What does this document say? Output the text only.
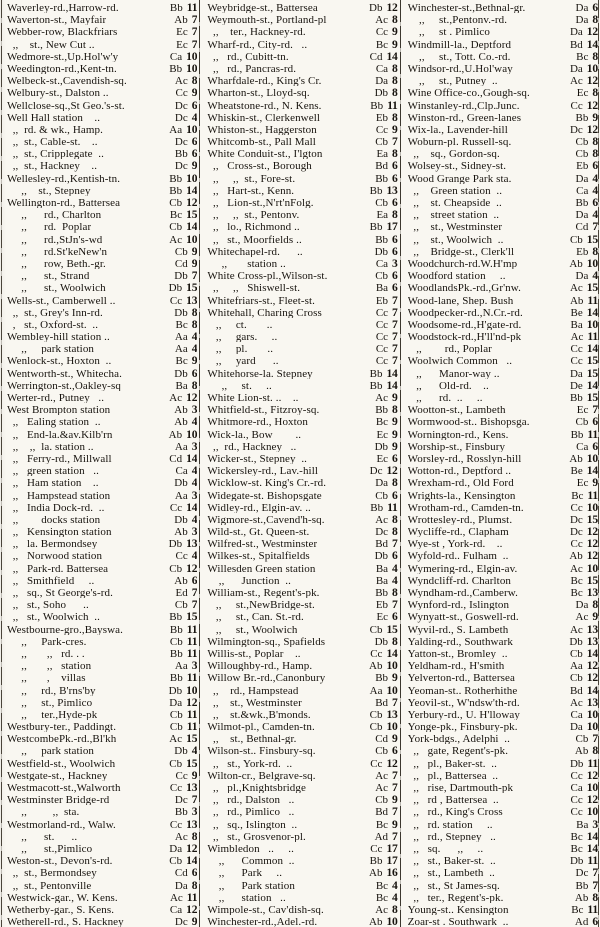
Waverley-rd.,Harrow-rd.	Bb 11
Waverton-st., Mayfair	Ab 7
Webber-row, Blackfriars	Ec 7
,,    st., New Cut ..	Ec 7
Wedmore-st.,Up.Hol'w'y	Ca 10
Weedington-rd.,Kent-tn.	Bb 10
Welbeck-st.,Cavendish-sq.	Ac 8
Welbury-st., Dalston ..	Cc 9
Wellclose-sq.,St Geo.'s-st.	Dc 6
Well Hall station    ..	Dc 4
,,  rd. & wk., Hamp.	Aa 10
,,  st., Cable-st.    ..	Dc 6
,,  st., Cripplegate  ..	Bb 6
,,  st., Hackney    ..	Dc 9
Wellesley-rd.,Kentish-tn.	Bb 10
,,    st., Stepney	Bb 14
Wellington-rd., Battersea	Cb 12
,,      rd., Charlton	Bc 15
,,      rd.  Poplar	Cb 14
,,      rd.,StJn's-wd	Ac 10
,,      rd.St'keNew'n	Cb 9
,,      row, Beth.-gr.	Cd 9
,,      st., Strand	Db 7
,,      st., Woolwich	Db 15
Wells-st., Camberwell ..	Cc 13
,,  st., Grey's Inn-rd.	Db 8
,   st., Oxford-st.  ..	Bc 8
Wembley-hill station ..	Aa 4
,,     park station	Aa 4
Wenlock-st., Hoxton  ..	Bc 9
Wentworth-st., Whitecha.	Db 6
Werrington-st.,Oakley-sq	Ba 8
Werter-rd., Putney   ..	Ac 12
West Brompton station	Ab 3
,,   Ealing station  ..	Ab 4
,,   End-la.&av.Kilb'rn	Ab 10
,,    ,,  la. station ..	Aa 3
,,   Ferry-rd., Millwall	Cd 14
,,   green station   ..	Ca 4
,,   Ham station    ..	Db 4
,,   Hampstead station	Aa 3
,,   India Dock-rd.  ..	Cc 14
,,        docks station	Db 4
,,   Kensington station	Ab 3
,,   la. Bermondsey	Db 13
,,   Norwood station	Cc 4
,,   Park-rd. Battersea	Cb 12
,,   Smithfield     ..	Ab 6
,,   sq., St George's-rd.	Ed 7
,,   st., Soho      ..	Cb 7
,,   st., Woolwich  ..	Bb 15
Westbourne-gro.,Bayswa.	Bb 11
,,     Park-cres.	Cb 11
,,       ,,   rd. . .	Bb 11
,,       ,,   station	Aa 3
,,       ,    villas	Bb 11
,,     rd., B'rns'by	Db 10
,,     st., Pimlico	Da 12
,,     ter.,Hyde-pk	Cb 11
Westbury-ter., Paddingt.	Cb 11
WestcombePk.-rd.,Bl'kh	Ac 15
,,     park station	Db 4
Westfield-st., Woolwich	Cb 15
Westgate-st., Hackney	Cc 9
Westmacott-st.,Walworth	Cc 13
Westminster Bridge-rd	Dc 7
,,         ,,  sta.	Bb 3
Westmorland-rd., Walw.	Cc 13
,,      st.      ..	Ac 8
,,      st.,Pimlico	Da 12
Weston-st., Devon's-rd.	Cb 14
,,  st., Bermondsey	Cd 6
,,  st., Pentonville	Da 8
Westwick-gar., W. Kens.	Ac 11
Wetherby-gar., S. Kens.	Ca 12
Wetherell-rd., S. Hackney	Dc 9
Weybridge-st., Battersea	Db 12
Weymouth-st., Portland-pl	Ac 8
,,    ter., Hackney-rd.	Cc 9
Wharf-rd., City-rd.   ..	Bc 9
,,   rd., Cubitt-tn.	Cd 14
,,   rd., Pancras-rd.	Ca 8
Wharfdale-rd., King's Cr.	Da 8
Wharton-st., Lloyd-sq.	Db 8
Wheatstone-rd., N. Kens.	Bb 11
Whiskin-st., Clerkenwell	Eb 8
Whiston-st., Haggerston	Cc 9
Whitcomb-st., Pall Mall	Cb 7
White Conduit-st., I'lgton	Ea 8
,,   Cross-st., Borough	Bd 6
,,     ,,  st., Fore-st.	Bb 6
,,   Hart-st., Kenn.	Bb 13
,,   Lion-st.,N'rt'nFolg.	Cb 6
,,     ,,  st., Pentonv.	Ea 8
,,   lo., Richmond ..	Bb 17
,,   st., Moorfields ..	Bb 6
Whitechapel-rd.      ..	Db 6
,,       station ..	Ca 3
White Cross-pl.,Wilson-st.	Cb 6
,,     ,,   Shiswell-st.	Ba 6
Whitefriars-st., Fleet-st.	Eb 7
Whitehall, Charing Cross	Cc 7
,,     ct.       ..	Cc 7
,,     gars.     ..	Cc 7
,,     pl.       ..	Cc 7
,,     yard      ..	Cc 7
Whitehorse-la. Stepney	Bb 14
,,     st.     ..	Bb 14
White Lion-st. ..    ..	Ac 9
Whitfield-st., Fitzroy-sq.	Bb 8
Whitmore-rd., Hoxton	Bc 9
Wick-la., Bow        ..	Ec 9
,,  rd., Hackney   ..	Db 9
Wicker-st., Stepney  ..	Ec 6
Wickersley-rd., Lav.-hill	Dc 12
Wicklow-st. King's Cr.-rd.	Da 8
Widegate-st. Bishopsgate	Cb 6
Widley-rd., Elgin-av. ..	Bb 11
Wigmore-st.,Cavend'h-sq.	Ac 8
Wild-st., Gt. Queen-st.	Dc 8
Wilfred-st., Westminster	Bd 7
Wilkes-st., Spitalfields	Db 6
Willesden Green station	Ba 4
,,      Junction  ..	Ba 4
William-st., Regent's-pk.	Bb 8
,,     st.,NewBridge-st.	Eb 7
,,     st., Can. St.-rd.	Ec 6
,,     st., Woolwich	Cb 15
Wilmington-sq., Spafields	Db 8
Willis-st., Poplar    ..	Cc 14
Willoughby-rd., Hamp.	Ab 10
Willow Br.-rd.,Canonbury	Bb 9
,,    rd., Hampstead	Aa 10
,,    st., Westminster	Bd 7
,,    st.&wk.,B'monds.	Cb 13
Wilmot-pl., Camden-tn.	Cb 10
,,    st., Bethnal-gr.	Cd 9
Wilson-st.. Finsbury-sq.	Cb 6
,,   st., York-rd.  ..	Cc 12
Wilton-cr., Belgrave-sq.	Ac 7
,,   pl.,Knightsbridge	Ac 7
,,   rd., Dalston   ..	Cb 9
,,   rd., Pimlico   ..	Bd 7
,,   sq., Islington  ..	Bc 9
,,   st., Grosvenor-pl.	Ad 7
Wimbledon   ..     ..	Cc 17
,,      Common  ..	Bb 17
,,      Park     ..	Ab 16
,,      Park station	Bc 4
,,      station   ..	Bc 4
Wimpole-st., Cav'dish-sq.	Ac 8
Winchester-rd.,Adel.-rd.	Ab 10
Winchester-st.,Bethnal-gr.	Da 6
,,     st.,Pentonv.-rd.	Da 8
,,     st . Pimlico	Da 12
Windmill-la., Deptford	Bd 14
,,     st., Tott. Co.-rd.	Bc 8
Windsor-rd.,U.Hol'way	Da 10
,,     st., Putney  ..	Ac 12
Wine Office-co.,Gough-sq.	Ec 8
Winstanley-rd.,Clp.Junc.	Cc 12
Winston-rd., Green-lanes	Bb 9
Wix-la., Lavender-hill	Dc 12
Woburn-pl. Russell-sq.	Cb 8
,,    sq., Gordon-sq.	Cb 8
Wolsey-st., Sidney-st.	Eb 6
Wood Grange Park sta.	Da 4
,,    Green station  ..	Ca 4
,,    st. Cheapside  ..	Bb 6
,,    street station  ..	Da 4
,,    st., Westminster	Cd 7
,,    st., Woolwich  ..	Cb 15
,,    Bridge-st., Clerk'll	Eb 8
Woodchurch-rd.W.H'mp	Ab 10
Woodford station     ..	Da 4
WoodlandsPk.-rd.,Gr'nw.	Ac 15
Wood-lane, Shep. Bush	Ab 11
Woodpecker-rd.,N.Cr.-rd.	Be 14
Woodsome-rd.,H'gate-rd.	Ba 10
Woodstock-rd.,H'll'nd-pk	Ac 11
,,        rd., Poplar	Cc 14
Woolwich Common   ..	Cc 15
,,      Manor-way ..	Da 15
,,      Old-rd.    ..	De 14
,,      rd.  ..     ..	Bb 15
Wootton-st., Lambeth	Ec 7
Wormwood-st.. Bishopsga.	Cb 6
Wornington-rd., Kens.	Bb 11
Worship-st., Finsbury	Ca 6
Worsley-rd., Rosslyn-hill	Ab 10
Wotton-rd., Deptford ..	Be 14
Wrexham-rd., Old Ford	Ec 9
Wrights-la., Kensington	Bc 11
Wrotham-rd., Camden-tn.	Cc 10
Wrottesley-rd., Plumst.	Dc 15
Wycliffe-rd., Clapham	Dc 12
Wye-st , York-rd.    ..	Cc 12
Wyfold-rd.. Fulham  ..	Ab 12
Wymering-rd., Elgin-av.	Ac 10
Wyndcliff-rd. Charlton	Bc 15
Wyndham-rd.,Camberw.	Bc 13
Wynford-rd., Islington	Da 8
Wynyatt-st., Goswell-rd.	Ac 9
Wyvil-rd., S. Lambeth	Ac 13
Yalding-rd., Southwark	Db 13
Yatton-st., Bromley  ..	Cb 14
Yeldham-rd., H'smith	Aa 12
Yelverton-rd., Battersea	Cb 12
Yeoman-st.. Rotherhithe	Bd 14
Yeovil-st., W'ndsw'th-rd.	Ac 13
Yerbury-rd., U. H'lloway	Ca 10
Yonge-pk., Finsbury-pk.	Da 10
York-bdgs., Adelphi  ..	Cb 7
,,   gate, Regent's-pk.	Ab 8
,,   pl., Baker-st.  ..	Db 11
,,   pl., Battersea  ..	Cc 12
,,   rise, Dartmouth-pk	Ca 10
,,   rd , Battersea  ..	Cc 12
,,   rd., King's Cross	Cc 10
,,   rd. station     ..	Ba 3
,,   rd., Stepney   ..	Bc 14
,,   sq.      ,,     ..	Bc 14
,,   st., Baker-st.  ..	Db 11
,,   st., Lambeth  ..	Dc 7
,,   st., St James-sq.	Bb 7
,,   ter., Regent's-pk.	Ab 8
Young-st.. Kensington	Bc 11
Zoar-st . Southwark  ..	Ad 6
